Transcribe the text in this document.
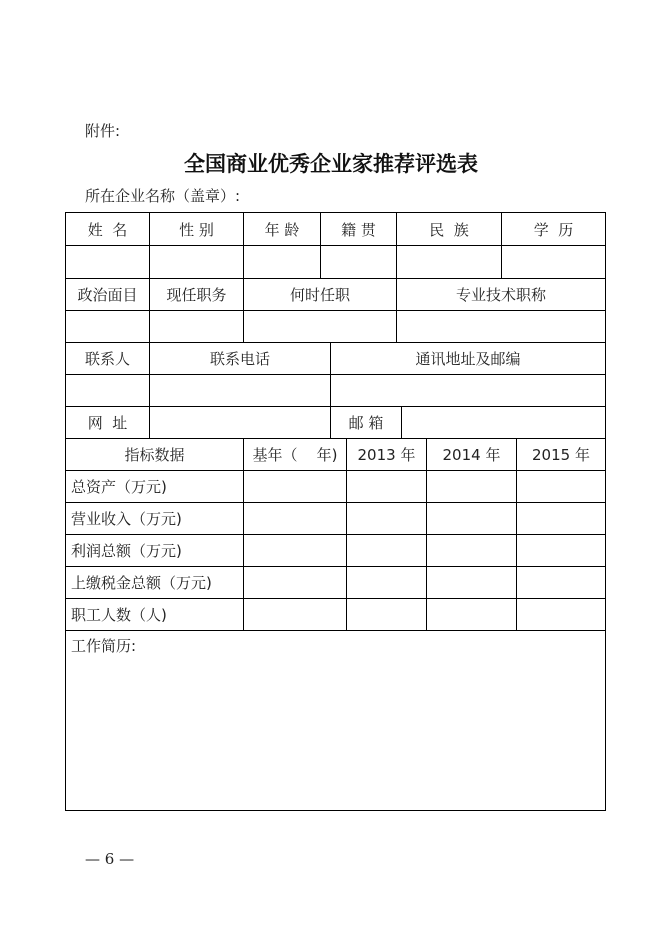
附件:
全国商业优秀企业家推荐评选表
所在企业名称（盖章）:
姓  名	性 别	年 龄	籍 贯	民  族	学  历
政治面目	现任职务	何时任职	专业技术职称
联系人	联系电话	通讯地址及邮编
网  址	邮 箱
指标数据	基年（    年)	2013 年	2014 年	2015 年
总资产（万元)
营业收入（万元)
利润总额（万元)
上缴税金总额（万元)
职工人数（人)
工作简历:
— 6 —
